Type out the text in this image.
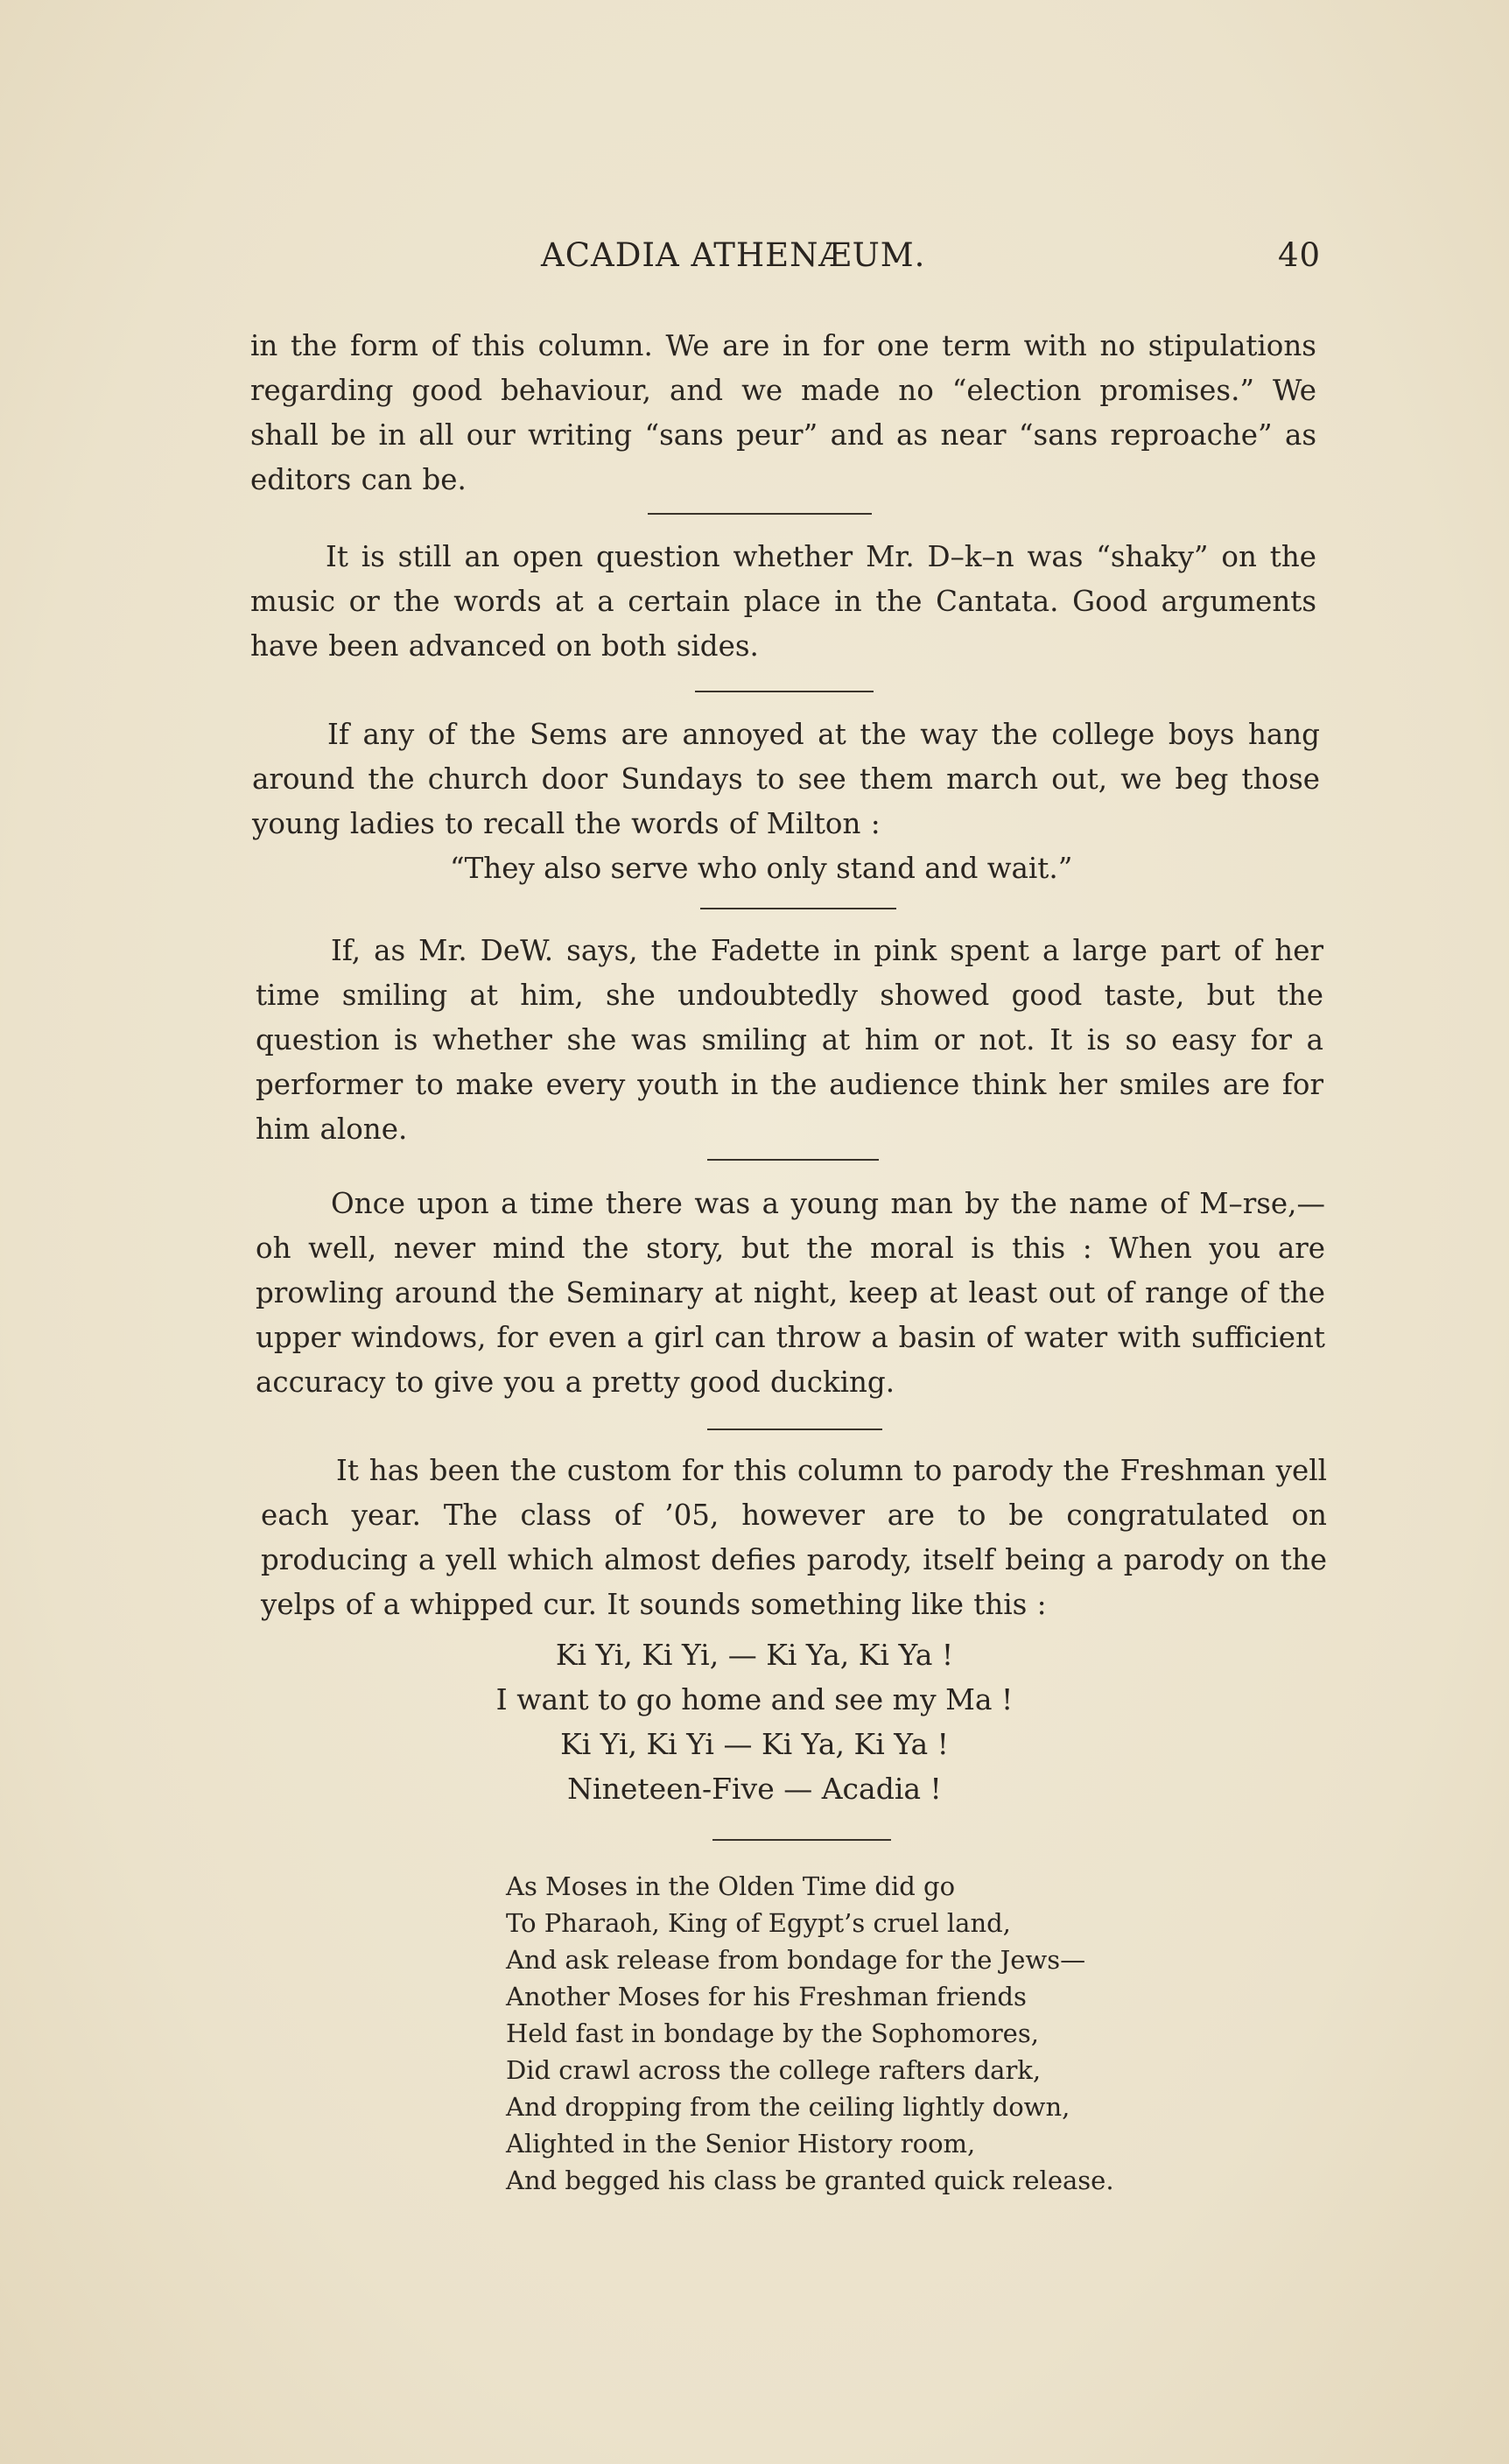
ACADIA ATHENÆUM.	40

in the form of this column. We are in for one term with no stipulations regarding good behaviour, and we made no “election promises.” We shall be in all our writing “sans peur” and as near “sans reproache” as editors can be.

It is still an open question whether Mr. D–k–n was “shaky” on the music or the words at a certain place in the Cantata. Good arguments have been advanced on both sides.

If any of the Sems are annoyed at the way the college boys hang around the church door Sundays to see them march out, we beg those young ladies to recall the words of Milton :

“They also serve who only stand and wait.”

If, as Mr. DeW. says, the Fadette in pink spent a large part of her time smiling at him, she undoubtedly showed good taste, but the question is whether she was smiling at him or not. It is so easy for a performer to make every youth in the audience think her smiles are for him alone.

Once upon a time there was a young man by the name of M–rse,— oh well, never mind the story, but the moral is this : When you are prowling around the Seminary at night, keep at least out of range of the upper windows, for even a girl can throw a basin of water with sufficient accuracy to give you a pretty good ducking.

It has been the custom for this column to parody the Freshman yell each year. The class of ’05, however are to be congratulated on producing a yell which almost defies parody, itself being a parody on the yelps of a whipped cur. It sounds something like this :

Ki Yi, Ki Yi, — Ki Ya, Ki Ya !
I want to go home and see my Ma !
Ki Yi, Ki Yi — Ki Ya, Ki Ya !
Nineteen-Five — Acadia !
As Moses in the Olden Time did go
To Pharaoh, King of Egypt’s cruel land,
And ask release from bondage for the Jews—
Another Moses for his Freshman friends
Held fast in bondage by the Sophomores,
Did crawl across the college rafters dark,
And dropping from the ceiling lightly down,
Alighted in the Senior History room,
And begged his class be granted quick release.
